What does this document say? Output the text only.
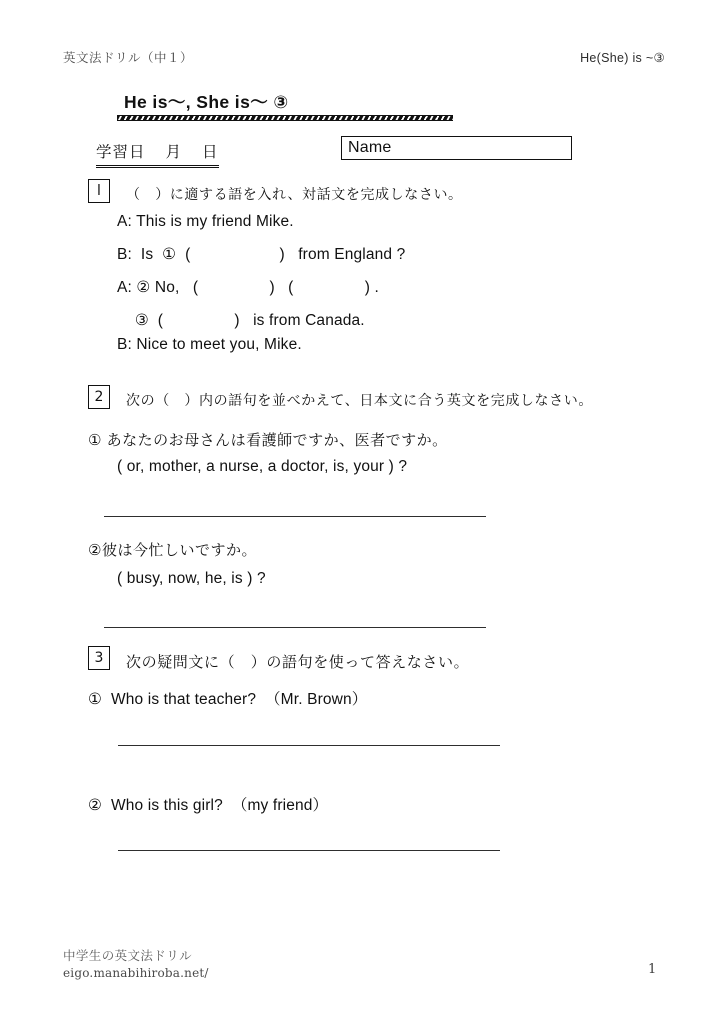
英文法ドリル（中１）	He(She) is ~③
He is〜, She is〜 ③
学習日 月 日	Name
l	（　）に適する語を入れ、対話文を完成しなさい。
A: This is my friend Mike.
B:  Is  ①  (                    )   from England ?
A: ② No,   (                )   (                ) .
③  (                )   is from Canada.
B: Nice to meet you, Mike.
2	次の（　）内の語句を並べかえて、日本文に合う英文を完成しなさい。
① あなたのお母さんは看護師ですか、医者ですか。
( or, mother, a nurse, a doctor, is, your ) ?
②彼は今忙しいですか。
( busy, now, he, is ) ?
3	次の疑問文に（　）の語句を使って答えなさい。
①  Who is that teacher?  （Mr. Brown）
②  Who is this girl?  （my friend）
中学生の英文法ドリル
eigo.manabihiroba.net/	1
